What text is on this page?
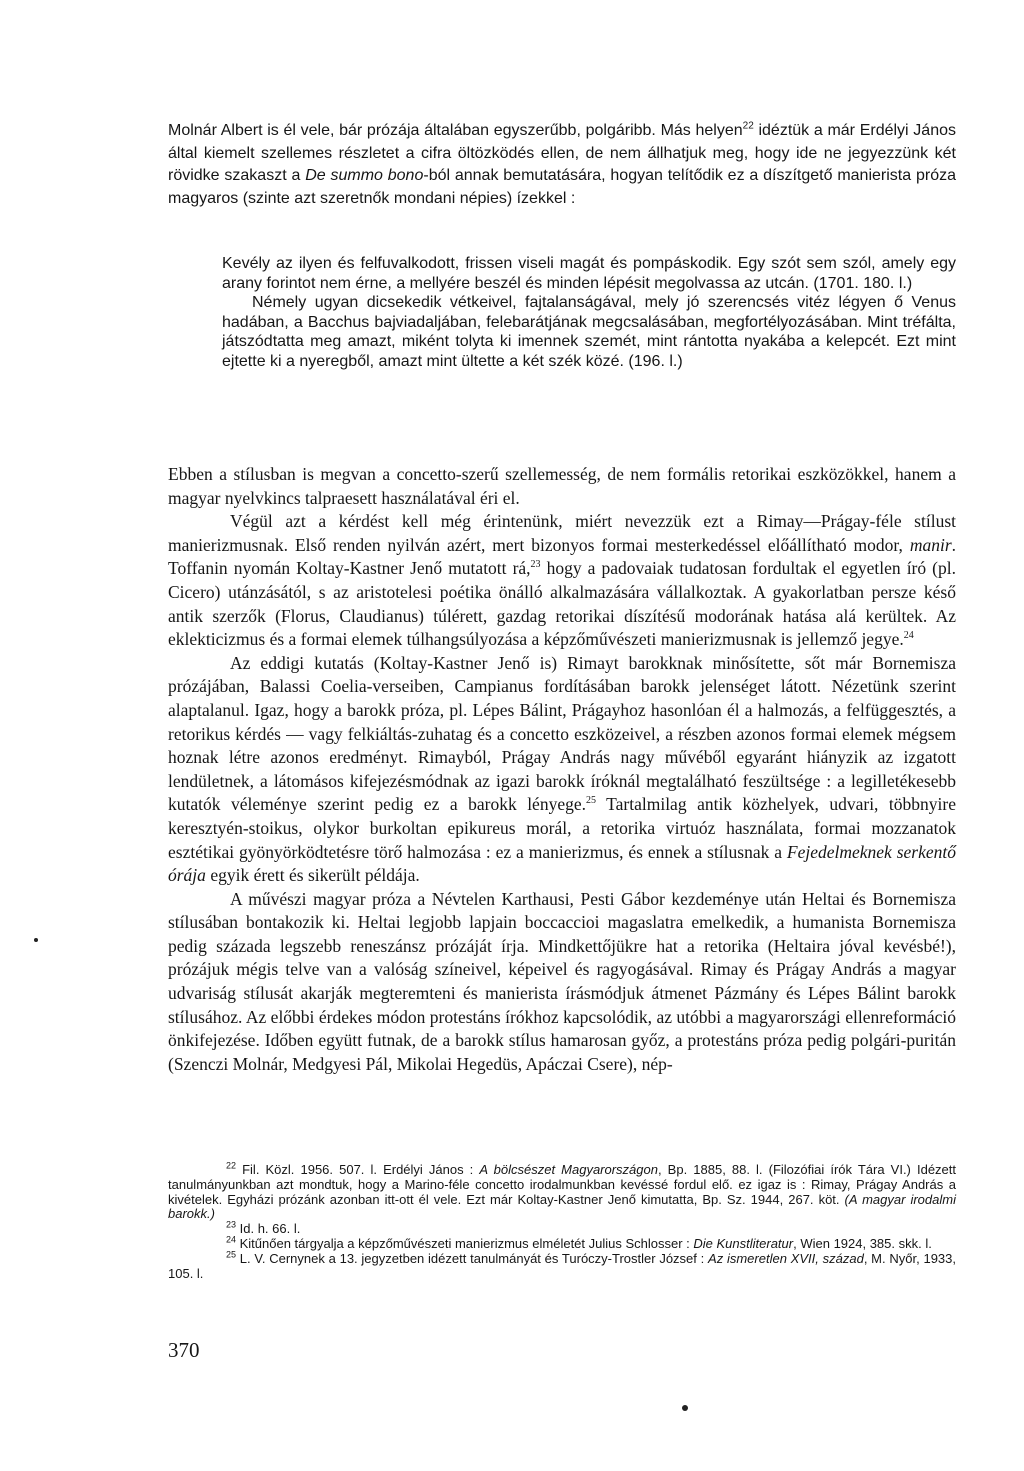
Molnár Albert is él vele, bár prózája általában egyszerűbb, polgáribb. Más helyen$^{22}$ idéztük a már Erdélyi János által kiemelt szellemes részletet a cifra öltözködés ellen, de nem állhatjuk meg, hogy ide ne jegyezzünk két rövidke szakaszt a De summo bono-ból annak bemutatására, hogyan telítődik ez a díszítgető manierista próza magyaros (szinte azt szeretnők mondani népies) ízekkel :

Kevély az ilyen és felfuvalkodott, frissen viseli magát és pompáskodik. Egy szót sem szól, amely egy arany forintot nem érne, a mellyére beszél és minden lépésit megolvassa az utcán. (1701. 180. l.)

Némely ugyan dicsekedik vétkeivel, fajtalanságával, mely jó szerencsés vitéz légyen ő Venus hadában, a Bacchus bajviadaljában, felebarátjának megcsalásában, megfortélyozásában. Mint tréfálta, játszódtatta meg amazt, miként tolyta ki imennek szemét, mint rántotta nyakába a kelepcét. Ezt mint ejtette ki a nyeregből, amazt mint ültette a két szék közé. (196. l.)

Ebben a stílusban is megvan a concetto-szerű szellemesség, de nem formális retorikai eszközökkel, hanem a magyar nyelvkincs talpraesett használatával éri el.

Végül azt a kérdést kell még érintenünk, miért nevezzük ezt a Rimay—Prágay-féle stílust manierizmusnak. Első renden nyilván azért, mert bizonyos formai mesterkedéssel előállítható modor, manir. Toffanin nyomán Koltay-Kastner Jenő mutatott rá,$^{23}$ hogy a padovaiak tudatosan fordultak el egyetlen író (pl. Cicero) utánzásától, s az aristotelesi poétika önálló alkalmazására vállalkoztak. A gyakorlatban persze késő antik szerzők (Florus, Claudianus) túlérett, gazdag retorikai díszítésű modorának hatása alá kerültek. Az eklekticizmus és a formai elemek túlhangsúlyozása a képzőművészeti manierizmusnak is jellemző jegye.$^{24}$

Az eddigi kutatás (Koltay-Kastner Jenő is) Rimayt barokknak minősítette, sőt már Bornemisza prózájában, Balassi Coelia-verseiben, Campianus fordításában barokk jelenséget látott. Nézetünk szerint alaptalanul. Igaz, hogy a barokk próza, pl. Lépes Bálint, Prágayhoz hasonlóan él a halmozás, a felfüggesztés, a retorikus kérdés — vagy felkiáltás-zuhatag és a concetto eszközeivel, a részben azonos formai elemek mégsem hoznak létre azonos eredményt. Rimayból, Prágay András nagy művéből egyaránt hiányzik az izgatott lendületnek, a látomásos kifejezésmódnak az igazi barokk íróknál megtalálható feszültsége : a legilletékesebb kutatók véleménye szerint pedig ez a barokk lényege.$^{25}$ Tartalmilag antik közhelyek, udvari, többnyire keresztyén-stoikus, olykor burkoltan epikureus morál, a retorika virtuóz használata, formai mozzanatok esztétikai gyönyörködtetésre törő halmozása : ez a manierizmus, és ennek a stílusnak a Fejedelmeknek serkentő órája egyik érett és sikerült példája.

A művészi magyar próza a Névtelen Karthausi, Pesti Gábor kezdeménye után Heltai és Bornemisza stílusában bontakozik ki. Heltai legjobb lapjain boccaccioi magaslatra emelkedik, a humanista Bornemisza pedig százada legszebb reneszánsz prózáját írja. Mindkettőjükre hat a retorika (Heltaira jóval kevésbé!), prózájuk mégis telve van a valóság színeivel, képeivel és ragyogásával. Rimay és Prágay András a magyar udvariság stílusát akarják megteremteni és manierista írásmódjuk átmenet Pázmány és Lépes Bálint barokk stílusához. Az előbbi érdekes módon protestáns írókhoz kapcsolódik, az utóbbi a magyarországi ellenreformáció önkifejezése. Időben együtt futnak, de a barokk stílus hamarosan győz, a protestáns próza pedig polgári-puritán (Szenczi Molnár, Medgyesi Pál, Mikolai Hegedüs, Apáczai Csere), nép-

$^{22}$ Fil. Közl. 1956. 507. l. Erdélyi János : A bölcsészet Magyarországon, Bp. 1885, 88. l. (Filozófiai írók Tára VI.) Idézett tanulmányunkban azt mondtuk, hogy a Marino-féle concetto irodalmunkban kevéssé fordul elő. ez igaz is : Rimay, Prágay András a kivételek. Egyházi prózánk azonban itt-ott él vele. Ezt már Koltay-Kastner Jenő kimutatta, Bp. Sz. 1944, 267. köt. (A magyar irodalmi barokk.)

$^{23}$ Id. h. 66. l.

$^{24}$ Kitűnően tárgyalja a képzőművészeti manierizmus elméletét Julius Schlosser : Die Kunstliteratur, Wien 1924, 385. skk. l.

$^{25}$ L. V. Cernynek a 13. jegyzetben idézett tanulmányát és Turóczy-Trostler József : Az ismeretlen XVII, század, M. Nyőr, 1933, 105. l.

370
